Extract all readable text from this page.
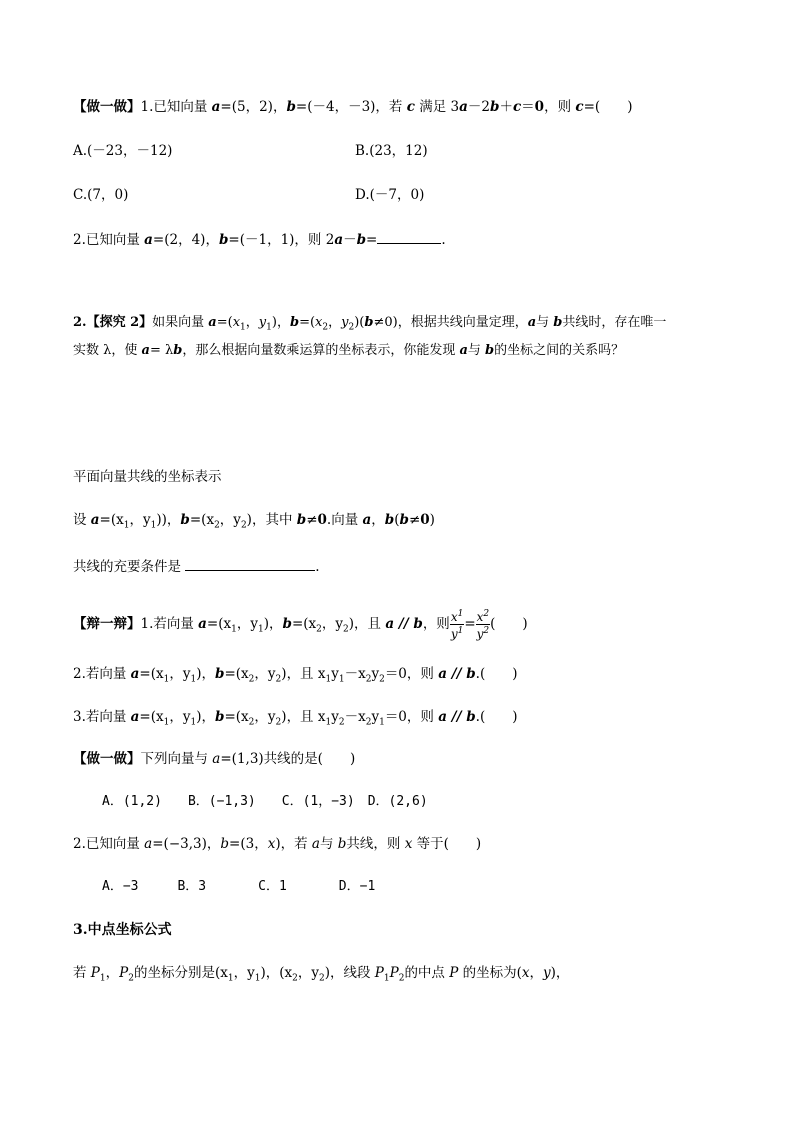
【做一做】1.已知向量 a=(5，2)，b=(－4，－3)，若 c 满足 3a－2b＋c＝0，则 c=(　　)
A.(－23，－12)	B.(23，12)
C.(7，0)	D.(－7，0)
2.已知向量 a=(2，4)，b=(－1，1)，则 2a－b=	.
2.【探究 2】如果向量 $a=(x_1$，$y_1$)，$b=(x_2$，$y_2)(b\ne 0)$，根据共线向量定理，a与 b共线时，存在唯一
实数 λ，使 a= λb，那么根据向量数乘运算的坐标表示，你能发现 a与 b的坐标之间的关系吗？
平面向量共线的坐标表示
设 $a=(x_1$，$y_1$))，$b=(x_2$，$y_2$)，其中 b≠0.向量 a，b(b≠0)
共线的充要条件是	.
【辩一辩】1.若向量 $a=(x_1$，$y_1$)，$b=(x_2$，$y_2$)，且 a // b，则 $\frac{x^1}{y^1} = \frac{x^2}{y^2}$ (　　)
2.若向量 $a=(x_1$，$y_1$)，$b=(x_2$，$y_2$)，且 $x_1y_1-x_2y_2=0$，则 a // b.(　　)
3.若向量 $a=(x_1$，$y_1$)，$b=(x_2$，$y_2$)，且 $x_1y_2-x_2y_1=0$，则 a // b.(　　)
【做一做】下列向量与 a=(1,3)共线的是(　　)
A．(1,2)　　B．(−1,3)　　C．(1，−3)　D．(2,6)
2.已知向量 a=(−3,3)，b=(3，x)，若 a与 b共线，则 x 等于(　　)
A．−3　　　B．3　　　　C．1　　　　D．−1
3.中点坐标公式
若 $P_1$，$P_2$的坐标分别是($x_1$，$y_1$)，($x_2$，$y_2$)，线段 $P_1P_2$的中点 P 的坐标为(x，y)，
